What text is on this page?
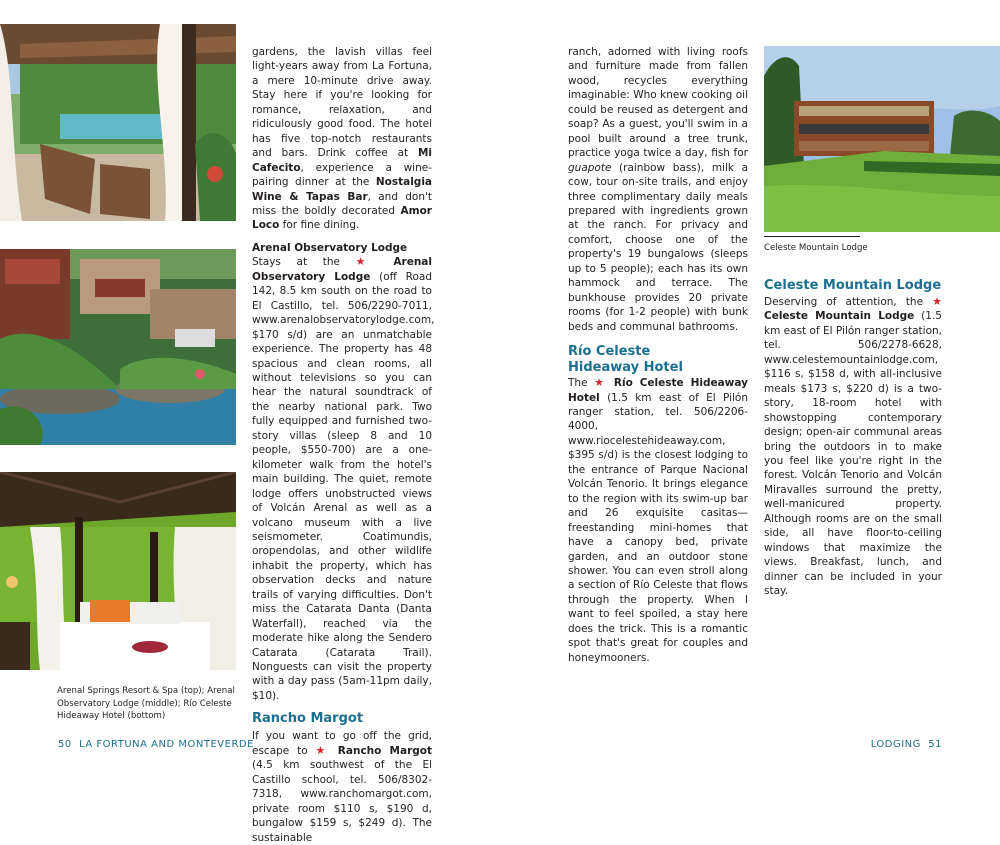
Arenal Springs Resort & Spa (top); Arenal Observatory Lodge (middle); Río Celeste Hideaway Hotel (bottom)

gardens, the lavish villas feel light-years away from La Fortuna, a mere 10-minute drive away. Stay here if you're looking for romance, relaxation, and ridiculously good food. The hotel has five top-notch restaurants and bars. Drink coffee at Mi Cafecito, experience a wine-pairing dinner at the Nostalgia Wine & Tapas Bar, and don't miss the boldly decorated Amor Loco for fine dining.

Arenal Observatory Lodge

Stays at the ★ Arenal Observatory Lodge (off Road 142, 8.5 km south on the road to El Castillo, tel. 506/2290-7011, www.arenalobservatorylodge.com, $170 s/d) are an unmatchable experience. The property has 48 spacious and clean rooms, all without televisions so you can hear the natural soundtrack of the nearby national park. Two fully equipped and furnished two-story villas (sleep 8 and 10 people, $550-700) are a one-kilometer walk from the hotel's main building. The quiet, remote lodge offers unobstructed views of Volcán Arenal as well as a volcano museum with a live seismometer. Coatimundis, oropendolas, and other wildlife inhabit the property, which has observation decks and nature trails of varying difficulties. Don't miss the Catarata Danta (Danta Waterfall), reached via the moderate hike along the Sendero Catarata (Catarata Trail). Nonguests can visit the property with a day pass (5am-11pm daily, $10).

Rancho Margot

If you want to go off the grid, escape to ★ Rancho Margot (4.5 km southwest of the El Castillo school, tel. 506/8302-7318, www.ranchomargot.com, private room $110 s, $190 d, bungalow $159 s, $249 d). The sustainable

ranch, adorned with living roofs and furniture made from fallen wood, recycles everything imaginable: Who knew cooking oil could be reused as detergent and soap? As a guest, you'll swim in a pool built around a tree trunk, practice yoga twice a day, fish for guapote (rainbow bass), milk a cow, tour on-site trails, and enjoy three complimentary daily meals prepared with ingredients grown at the ranch. For privacy and comfort, choose one of the property's 19 bungalows (sleeps up to 5 people); each has its own hammock and terrace. The bunkhouse provides 20 private rooms (for 1-2 people) with bunk beds and communal bathrooms.

Río Celeste
Hideaway Hotel

The ★ Río Celeste Hideaway Hotel (1.5 km east of El Pilón ranger station, tel. 506/2206-4000, www.riocelestehideaway.com, $395 s/d) is the closest lodging to the entrance of Parque Nacional Volcán Tenorio. It brings elegance to the region with its swim-up bar and 26 exquisite casitas—freestanding mini-homes that have a canopy bed, private garden, and an outdoor stone shower. You can even stroll along a section of Río Celeste that flows through the property. When I want to feel spoiled, a stay here does the trick. This is a romantic spot that's great for couples and honeymooners.

Celeste Mountain Lodge

Celeste Mountain Lodge

Deserving of attention, the ★ Celeste Mountain Lodge (1.5 km east of El Pilón ranger station, tel. 506/2278-6628, www.celestemountainlodge.com, $116 s, $158 d, with all-inclusive meals $173 s, $220 d) is a two-story, 18-room hotel with showstopping contemporary design; open-air communal areas bring the outdoors in to make you feel like you're right in the forest. Volcán Tenorio and Volcán Miravalles surround the pretty, well-manicured property. Although rooms are on the small side, all have floor-to-ceiling windows that maximize the views. Breakfast, lunch, and dinner can be included in your stay.

50 LA FORTUNA AND MONTEVERDE	LODGING 51
